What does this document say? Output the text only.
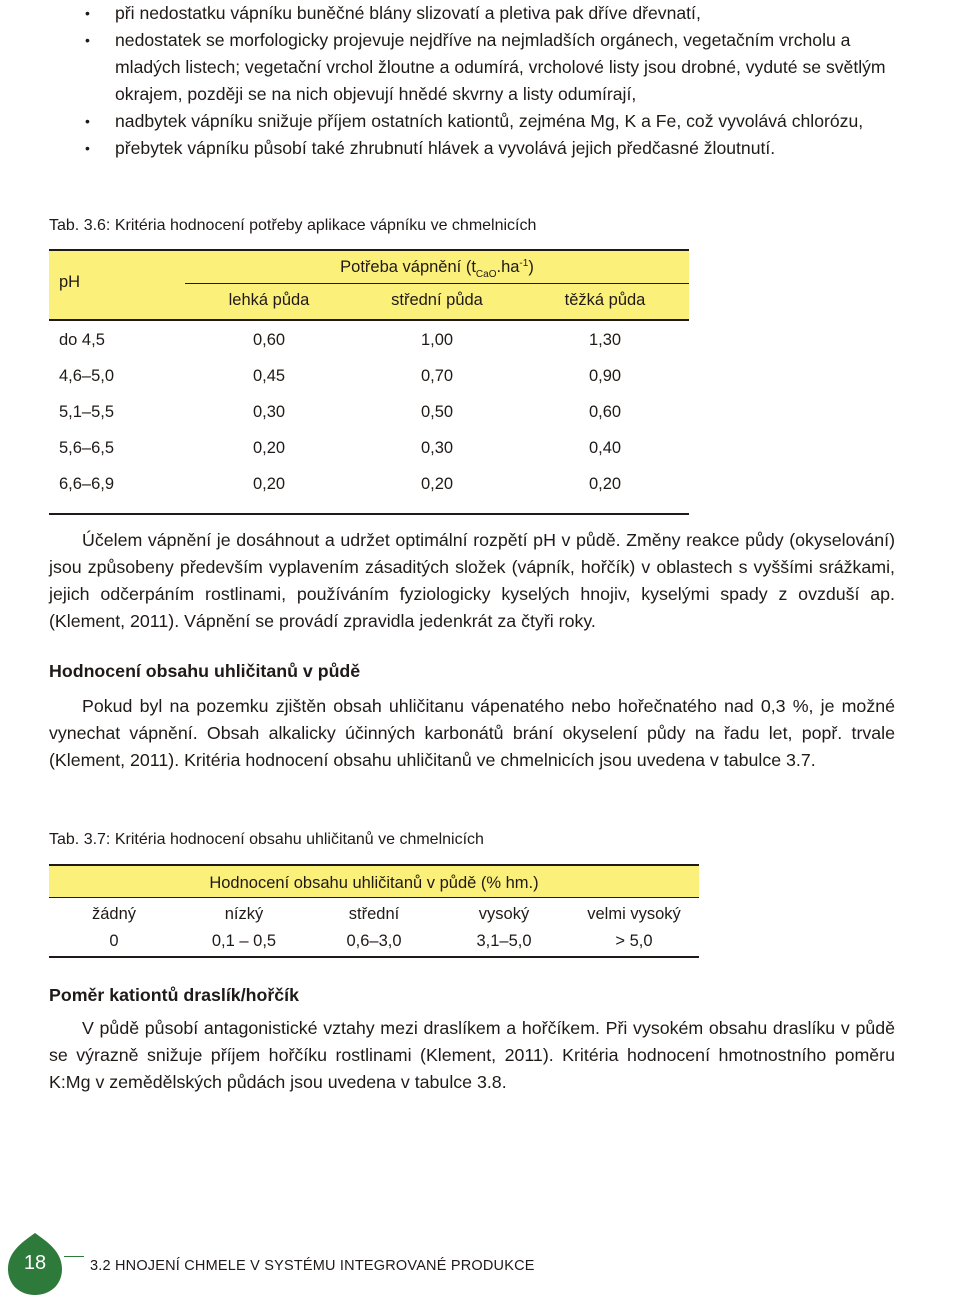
• při nedostatku vápníku buněčné blány slizovatí a pletiva pak dříve dřevnatí,
• nedostatek se morfologicky projevuje nejdříve na nejmladších orgánech, vegetačním vrcholu a mladých listech; vegetační vrchol žloutne a odumírá, vrcholové listy jsou drobné, vyduté se světlým okrajem, později se na nich objevují hnědé skvrny a listy odumírají,
• nadbytek vápníku snižuje příjem ostatních kationtů, zejména Mg, K a Fe, což vyvolává chlorózu,
• přebytek vápníku působí také zhrubnutí hlávek a vyvolává jejich předčasné žloutnutí.
Tab. 3.6: Kritéria hodnocení potřeby aplikace vápníku ve chmelnicích
pH
Potřeba vápnění $(t_{CaO}.ha^{-1})$
lehká půda	střední půda	těžká půda
do 4,5	0,60	1,00	1,30
4,6–5,0	0,45	0,70	0,90
5,1–5,5	0,30	0,50	0,60
5,6–6,5	0,20	0,30	0,40
6,6–6,9	0,20	0,20	0,20

Účelem vápnění je dosáhnout a udržet optimální rozpětí pH v půdě. Změny reakce půdy (okyselování) jsou způsobeny především vyplavením zásaditých složek (vápník, hořčík) v oblastech s vyššími srážkami, jejich odčerpáním rostlinami, používáním fyziologicky kyselých hnojiv, kyselými spady z ovzduší ap. (Klement, 2011). Vápnění se provádí zpravidla jedenkrát za čtyři roky.

Hodnocení obsahu uhličitanů v půdě

Pokud byl na pozemku zjištěn obsah uhličitanu vápenatého nebo hořečnatého nad 0,3 %, je možné vynechat vápnění. Obsah alkalicky účinných karbonátů brání okyselení půdy na řadu let, popř. trvale (Klement, 2011). Kritéria hodnocení obsahu uhličitanů ve chmelnicích jsou uvedena v tabulce 3.7.

Tab. 3.7: Kritéria hodnocení obsahu uhličitanů ve chmelnicích
Hodnocení obsahu uhličitanů v půdě (% hm.)
žádný	nízký	střední	vysoký	velmi vysoký
0	0,1 – 0,5	0,6–3,0	3,1–5,0	> 5,0
Poměr kationtů draslík/hořčík

V půdě působí antagonistické vztahy mezi draslíkem a hořčíkem. Při vysokém obsahu draslíku v půdě se výrazně snižuje příjem hořčíku rostlinami (Klement, 2011). Kritéria hodnocení hmotnostního poměru K:Mg v zemědělských půdách jsou uvedena v tabulce 3.8.

18	3.2 HNOJENÍ CHMELE V SYSTÉMU INTEGROVANÉ PRODUKCE
